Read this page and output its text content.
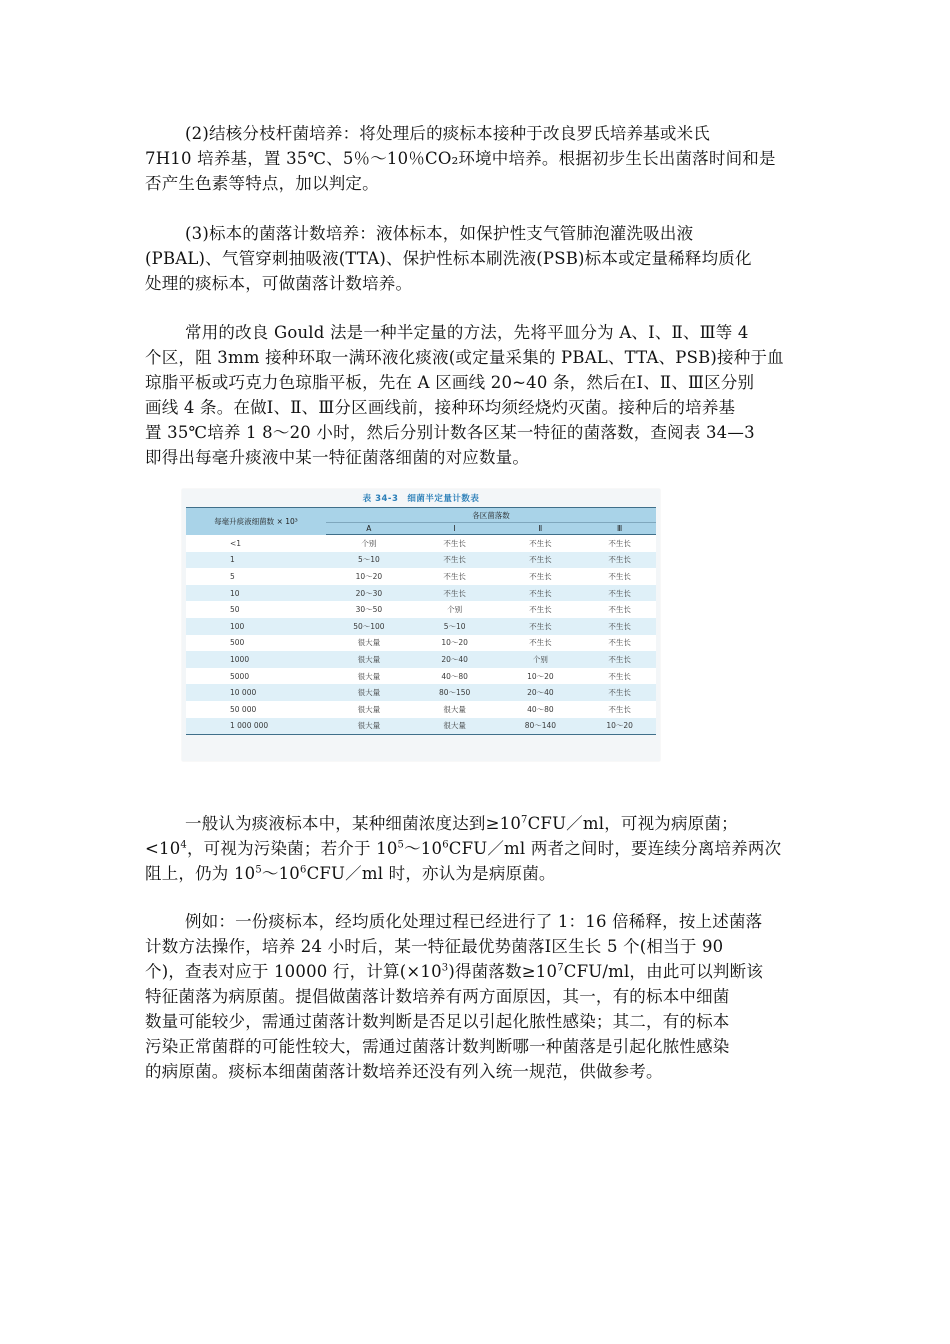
(2)结核分枝杆菌培养：将处理后的痰标本接种于改良罗氏培养基或米氏
7H10 培养基，置 35℃、5％～10％CO₂环境中培养。根据初步生长出菌落时间和是
否产生色素等特点，加以判定。
(3)标本的菌落计数培养：液体标本，如保护性支气管肺泡灌洗吸出液
(PBAL)、气管穿刺抽吸液(TTA)、保护性标本刷洗液(PSB)标本或定量稀释均质化
处理的痰标本，可做菌落计数培养。
常用的改良 Gould 法是一种半定量的方法，先将平皿分为 A、Ⅰ、Ⅱ、Ⅲ等 4
个区，阻 3mm 接种环取一满环液化痰液(或定量采集的 PBAL、TTA、PSB)接种于血
琼脂平板或巧克力色琼脂平板，先在 A 区画线 20~40 条，然后在Ⅰ、Ⅱ、Ⅲ区分别
画线 4 条。在做Ⅰ、Ⅱ、Ⅲ分区画线前，接种环均须经烧灼灭菌。接种后的培养基
置 35℃培养 1 8～20 小时，然后分别计数各区某一特征的菌落数，查阅表 34—3
即得出每毫升痰液中某一特征菌落细菌的对应数量。
表 34-3　细菌半定量计数表
每毫升痰液细菌数 × 10³	各区菌落数			
	A	Ⅰ	Ⅱ	Ⅲ
<1	个别	不生长	不生长	不生长
1	5～10	不生长	不生长	不生长
5	10～20	不生长	不生长	不生长
10	20～30	不生长	不生长	不生长
50	30～50	个别	不生长	不生长
100	50～100	5～10	不生长	不生长
500	很大量	10～20	不生长	不生长
1000	很大量	20～40	个别	不生长
5000	很大量	40～80	10～20	不生长
10 000	很大量	80～150	20～40	不生长
50 000	很大量	很大量	40～80	不生长
1 000 000	很大量	很大量	80～140	10～20
一般认为痰液标本中，某种细菌浓度达到$\ge 10^7CFU/ml$，可视为病原菌；
$<10^4$，可视为污染菌；若介于 $10^5\sim 10^6CFU/ml$ 两者之间时，要连续分离培养两次
阻上，仍为 $10^5\sim 10^6CFU/ml$ 时，亦认为是病原菌。
例如：一份痰标本，经均质化处理过程已经进行了 1：16 倍稀释，按上述菌落
计数方法操作，培养 24 小时后，某一特征最优势菌落Ⅰ区生长 5 个(相当于 90
个)，查表对应于 10000 行，计算$(\times 10^3)$得菌落数$\ge 10^7CFU/ml$，由此可以判断该
特征菌落为病原菌。提倡做菌落计数培养有两方面原因，其一，有的标本中细菌
数量可能较少，需通过菌落计数判断是否足以引起化脓性感染；其二，有的标本
污染正常菌群的可能性较大，需通过菌落计数判断哪一种菌落是引起化脓性感染
的病原菌。痰标本细菌菌落计数培养还没有列入统一规范，供做参考。
